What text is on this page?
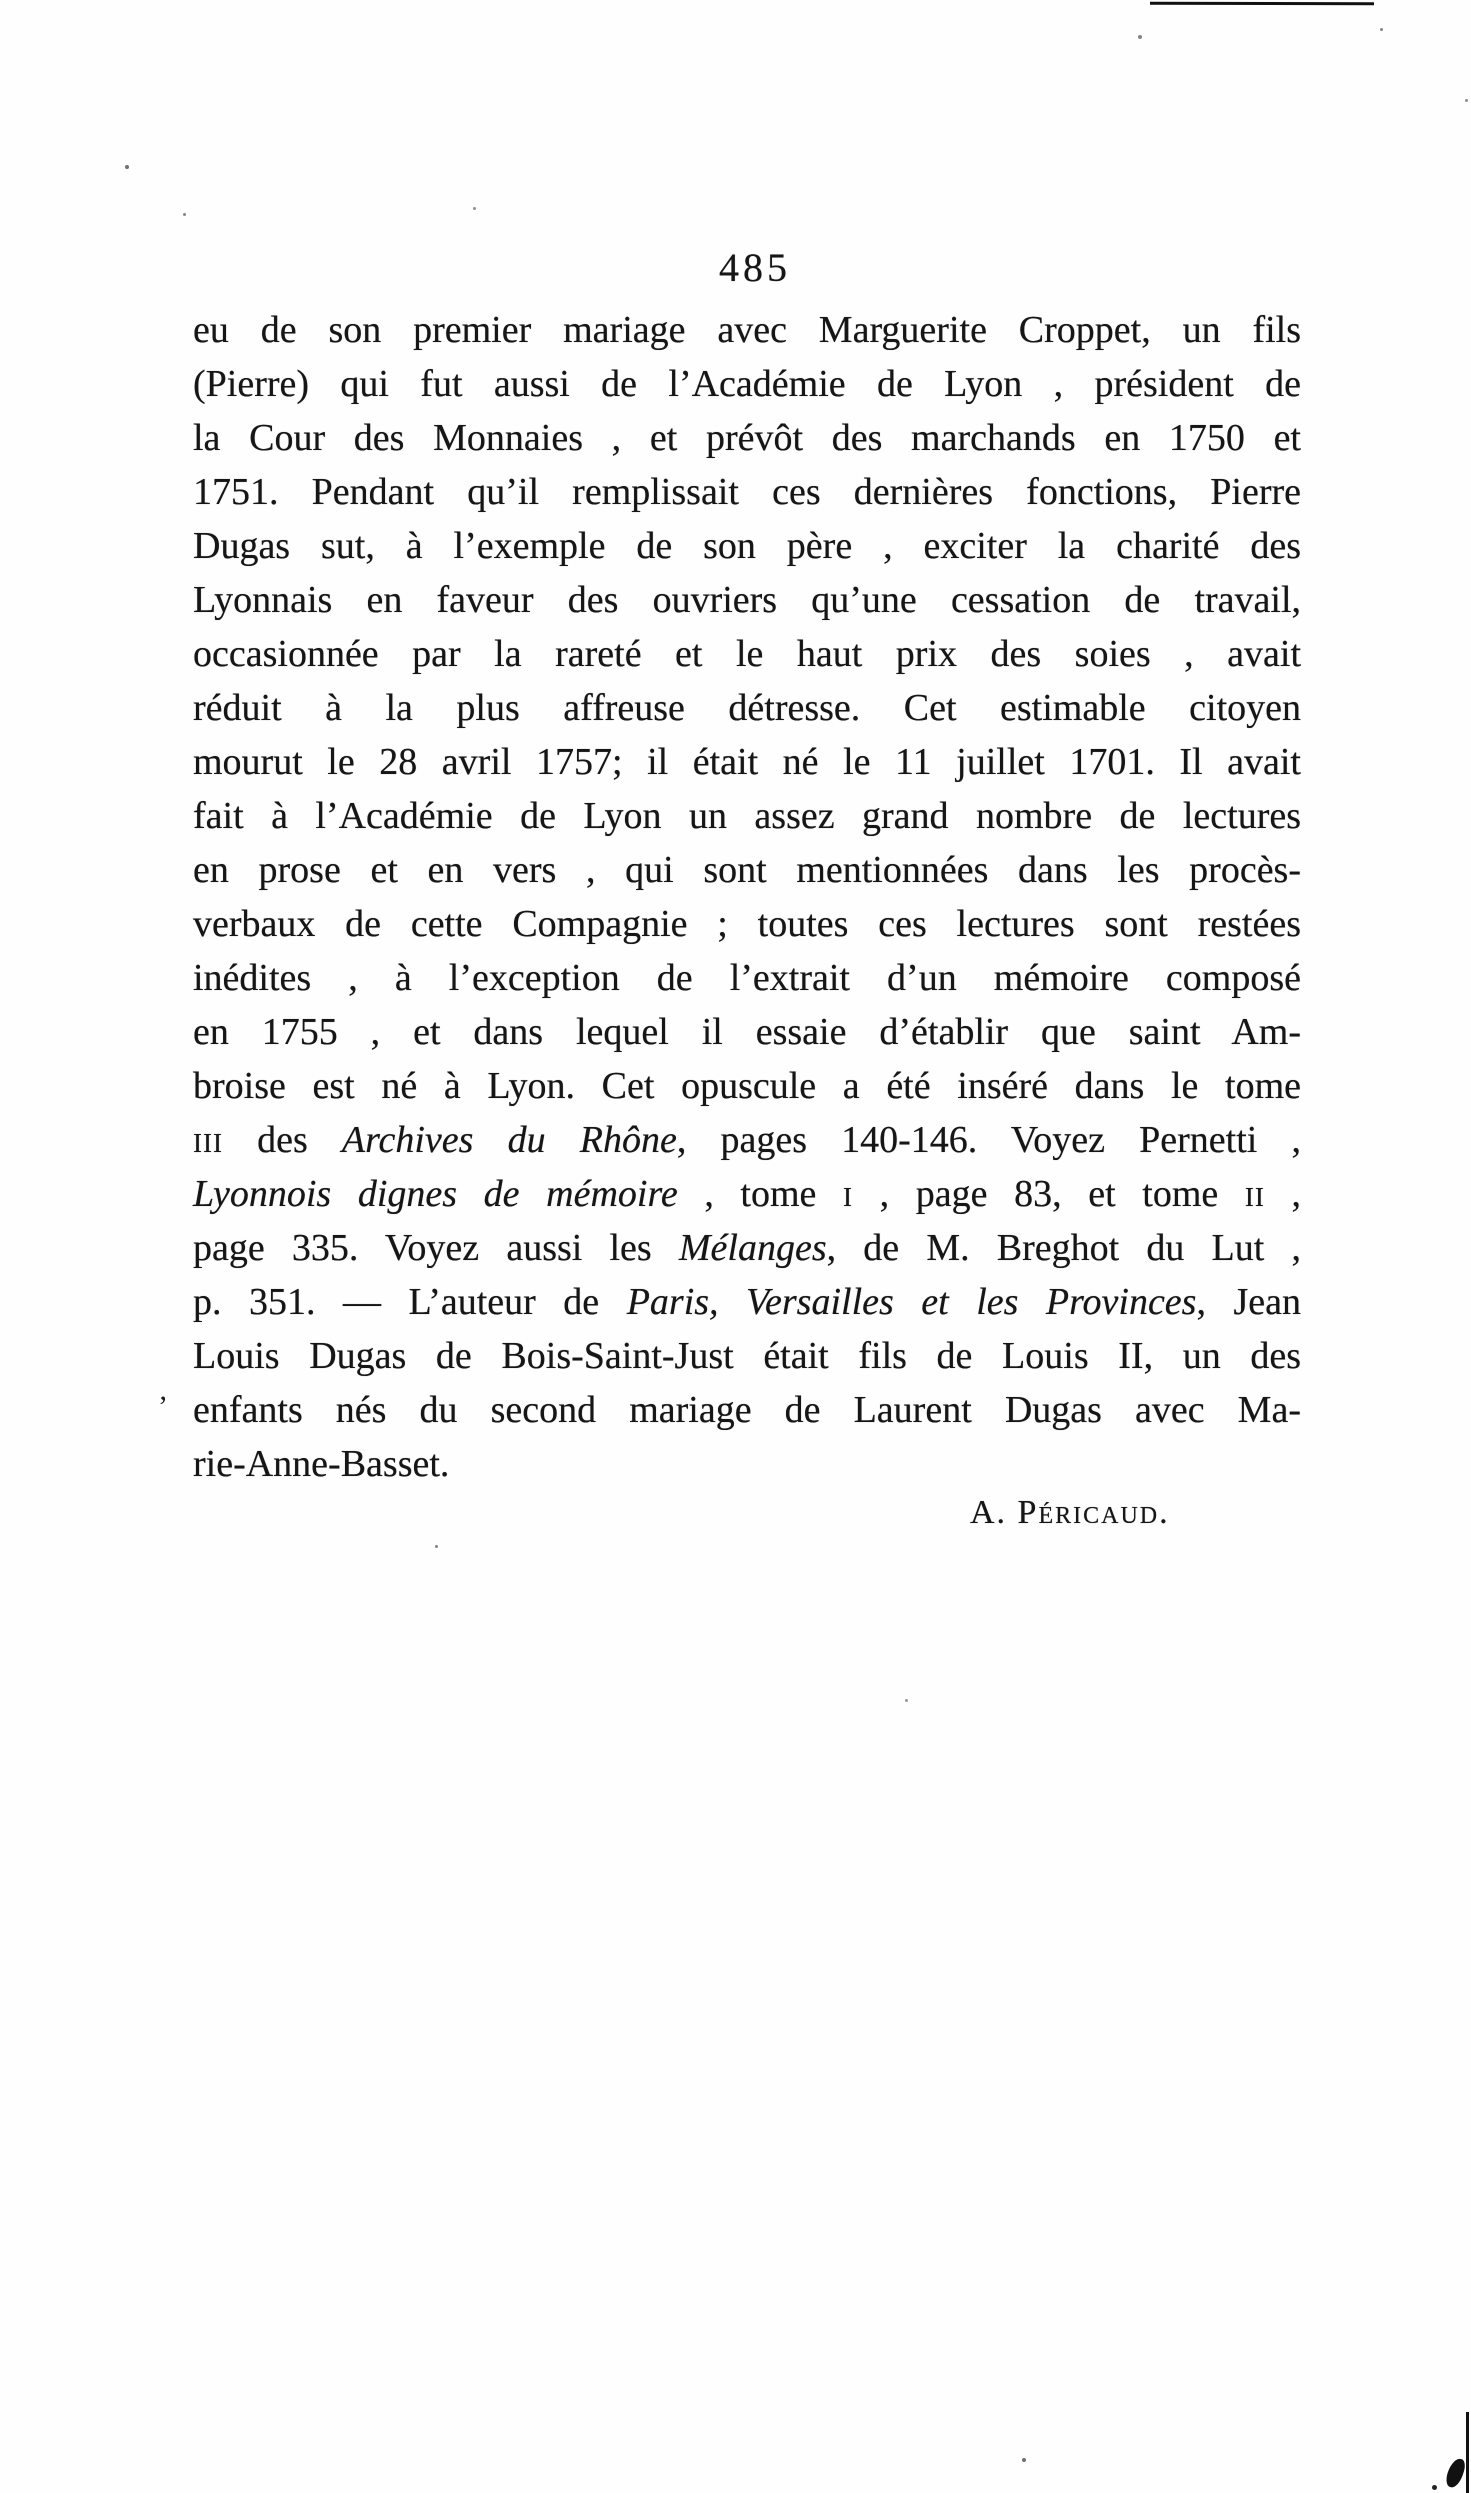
485
eu de son premier mariage avec Marguerite Croppet, un fils
(Pierre) qui fut aussi de l’Académie de Lyon , président de
la Cour des Monnaies , et prévôt des marchands en 1750 et
1751. Pendant qu’il remplissait ces dernières fonctions, Pierre
Dugas sut, à l’exemple de son père , exciter la charité des
Lyonnais en faveur des ouvriers qu’une cessation de travail,
occasionnée par la rareté et le haut prix des soies , avait
réduit à la plus affreuse détresse. Cet estimable citoyen
mourut le 28 avril 1757; il était né le 11 juillet 1701. Il avait
fait à l’Académie de Lyon un assez grand nombre de lectures
en prose et en vers , qui sont mentionnées dans les procès-
verbaux de cette Compagnie ; toutes ces lectures sont restées
inédites , à l’exception de l’extrait d’un mémoire composé
en 1755 , et dans lequel il essaie d’établir que saint Am-
broise est né à Lyon. Cet opuscule a été inséré dans le tome
iii des Archives du Rhône, pages 140-146. Voyez Pernetti ,
Lyonnois dignes de mémoire , tome i , page 83, et tome ii ,
page 335. Voyez aussi les Mélanges, de M. Breghot du Lut ,
p. 351. — L’auteur de Paris, Versailles et les Provinces, Jean
Louis Dugas de Bois-Saint-Just était fils de Louis II, un des
enfants nés du second mariage de Laurent Dugas avec Ma-
rie-Anne-Basset.
’
A. Péricaud.
